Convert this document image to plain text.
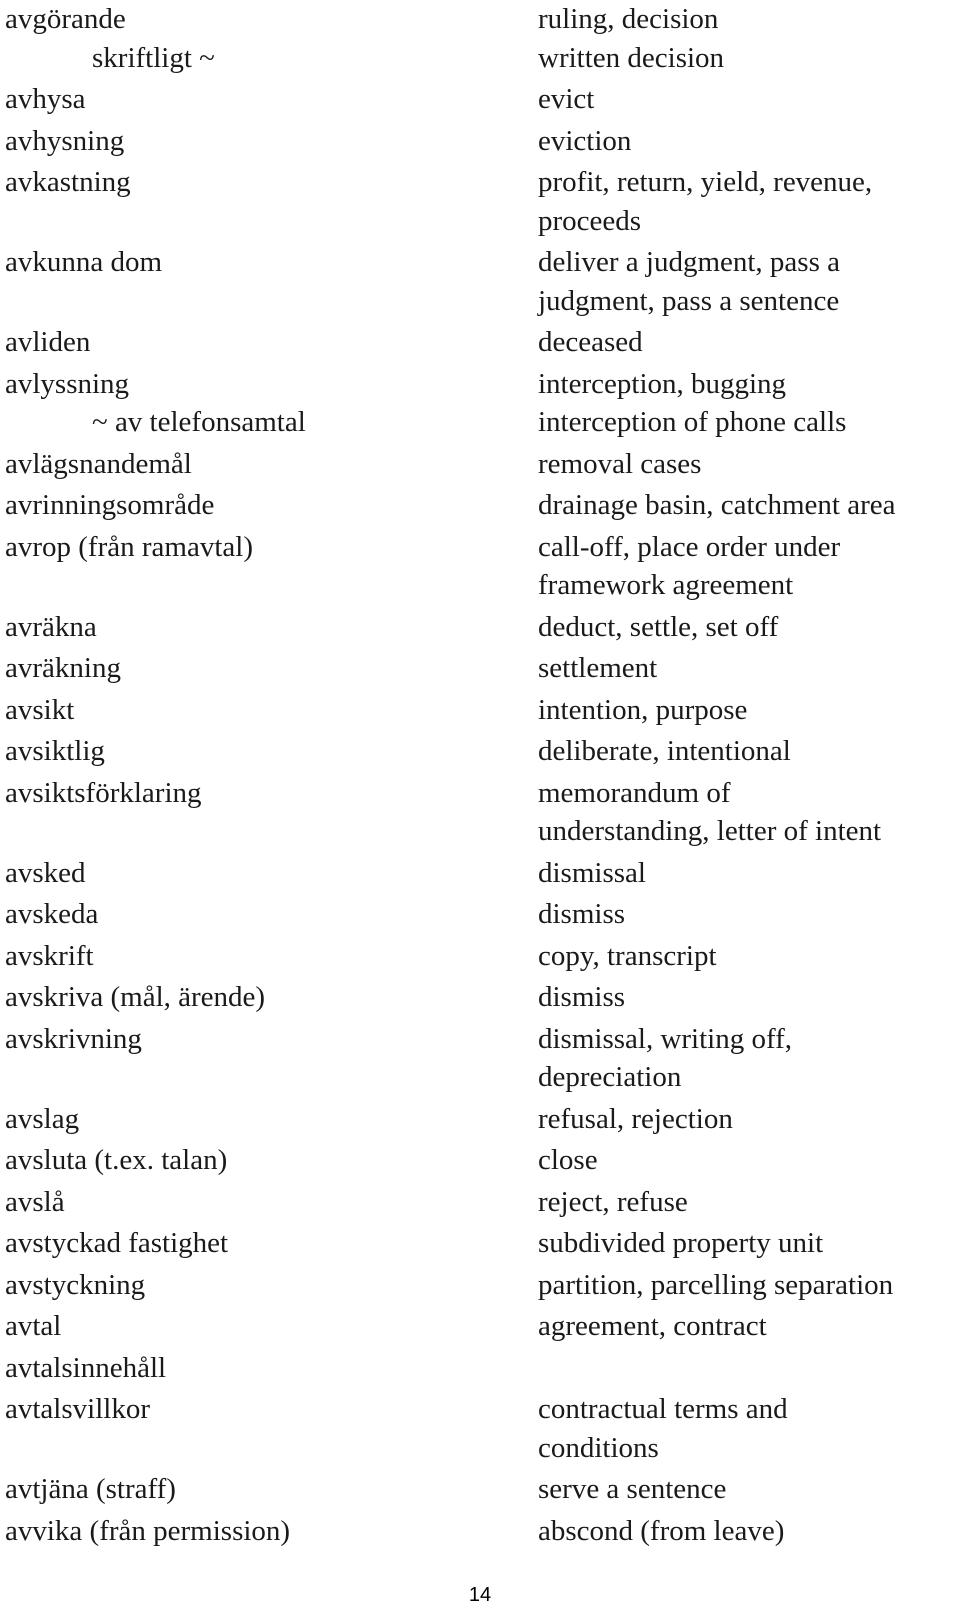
avgörande	ruling, decision
skriftligt ~	written decision
avhysa	evict
avhysning	eviction
avkastning	profit, return, yield, revenue,
proceeds
avkunna dom	deliver a judgment, pass a
judgment, pass a sentence
avliden	deceased
avlyssning	interception, bugging
~ av telefonsamtal	interception of phone calls
avlägsnandemål	removal cases
avrinningsområde	drainage basin, catchment area
avrop (från ramavtal)	call-off, place order under
framework agreement
avräkna	deduct, settle, set off
avräkning	settlement
avsikt	intention, purpose
avsiktlig	deliberate, intentional
avsiktsförklaring	memorandum of
understanding, letter of intent
avsked	dismissal
avskeda	dismiss
avskrift	copy, transcript
avskriva (mål, ärende)	dismiss
avskrivning	dismissal, writing off,
depreciation
avslag	refusal, rejection
avsluta (t.ex. talan)	close
avslå	reject, refuse
avstyckad fastighet	subdivided property unit
avstyckning	partition, parcelling separation
avtal	agreement, contract
avtalsinnehåll

avtalsvillkor	contractual terms and
conditions
avtjäna (straff)	serve a sentence
avvika (från permission)	abscond (from leave)
14
